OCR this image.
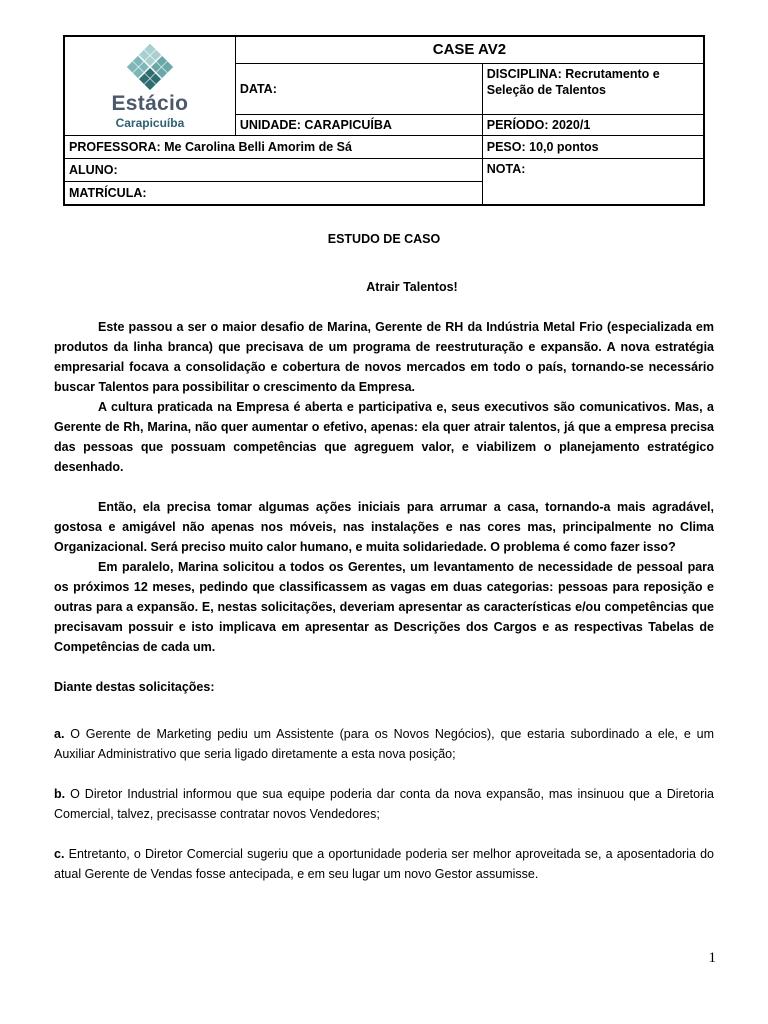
Estácio
Carapicuíba	CASE AV2	
	DATA:	DISCIPLINA: Recrutamento e Seleção de Talentos
	UNIDADE: CARAPICUÍBA	PERÍODO: 2020/1
PROFESSORA: Me Carolina Belli Amorim de Sá		PESO: 10,0 pontos
ALUNO:		NOTA:
MATRÍCULA:		
ESTUDO DE CASO
Atrair Talentos!

Este passou a ser o maior desafio de Marina, Gerente de RH da Indústria Metal Frio (especializada em produtos da linha branca) que precisava de um programa de reestruturação e expansão. A nova estratégia empresarial focava a consolidação e cobertura de novos mercados em todo o país, tornando-se necessário buscar Talentos para possibilitar o crescimento da Empresa.

A cultura praticada na Empresa é aberta e participativa e, seus executivos são comunicativos. Mas, a Gerente de Rh, Marina, não quer aumentar o efetivo, apenas: ela quer atrair talentos, já que a empresa precisa das pessoas que possuam competências que agreguem valor, e viabilizem o planejamento estratégico desenhado.

Então, ela precisa tomar algumas ações iniciais para arrumar a casa, tornando-a mais agradável, gostosa e amigável não apenas nos móveis, nas instalações e nas cores mas, principalmente no Clima Organizacional. Será preciso muito calor humano, e muita solidariedade. O problema é como fazer isso?

Em paralelo, Marina solicitou a todos os Gerentes, um levantamento de necessidade de pessoal para os próximos 12 meses, pedindo que classificassem as vagas em duas categorias: pessoas para reposição e outras para a expansão. E, nestas solicitações, deveriam apresentar as características e/ou competências que precisavam possuir e isto implicava em apresentar as Descrições dos Cargos e as respectivas Tabelas de Competências de cada um.

Diante destas solicitações:

a. O Gerente de Marketing pediu um Assistente (para os Novos Negócios), que estaria subordinado a ele, e um Auxiliar Administrativo que seria ligado diretamente a esta nova posição;

b. O Diretor Industrial informou que sua equipe poderia dar conta da nova expansão, mas insinuou que a Diretoria Comercial, talvez, precisasse contratar novos Vendedores;

c. Entretanto, o Diretor Comercial sugeriu que a oportunidade poderia ser melhor aproveitada se, a aposentadoria do atual Gerente de Vendas fosse antecipada, e em seu lugar um novo Gestor assumisse.

1
